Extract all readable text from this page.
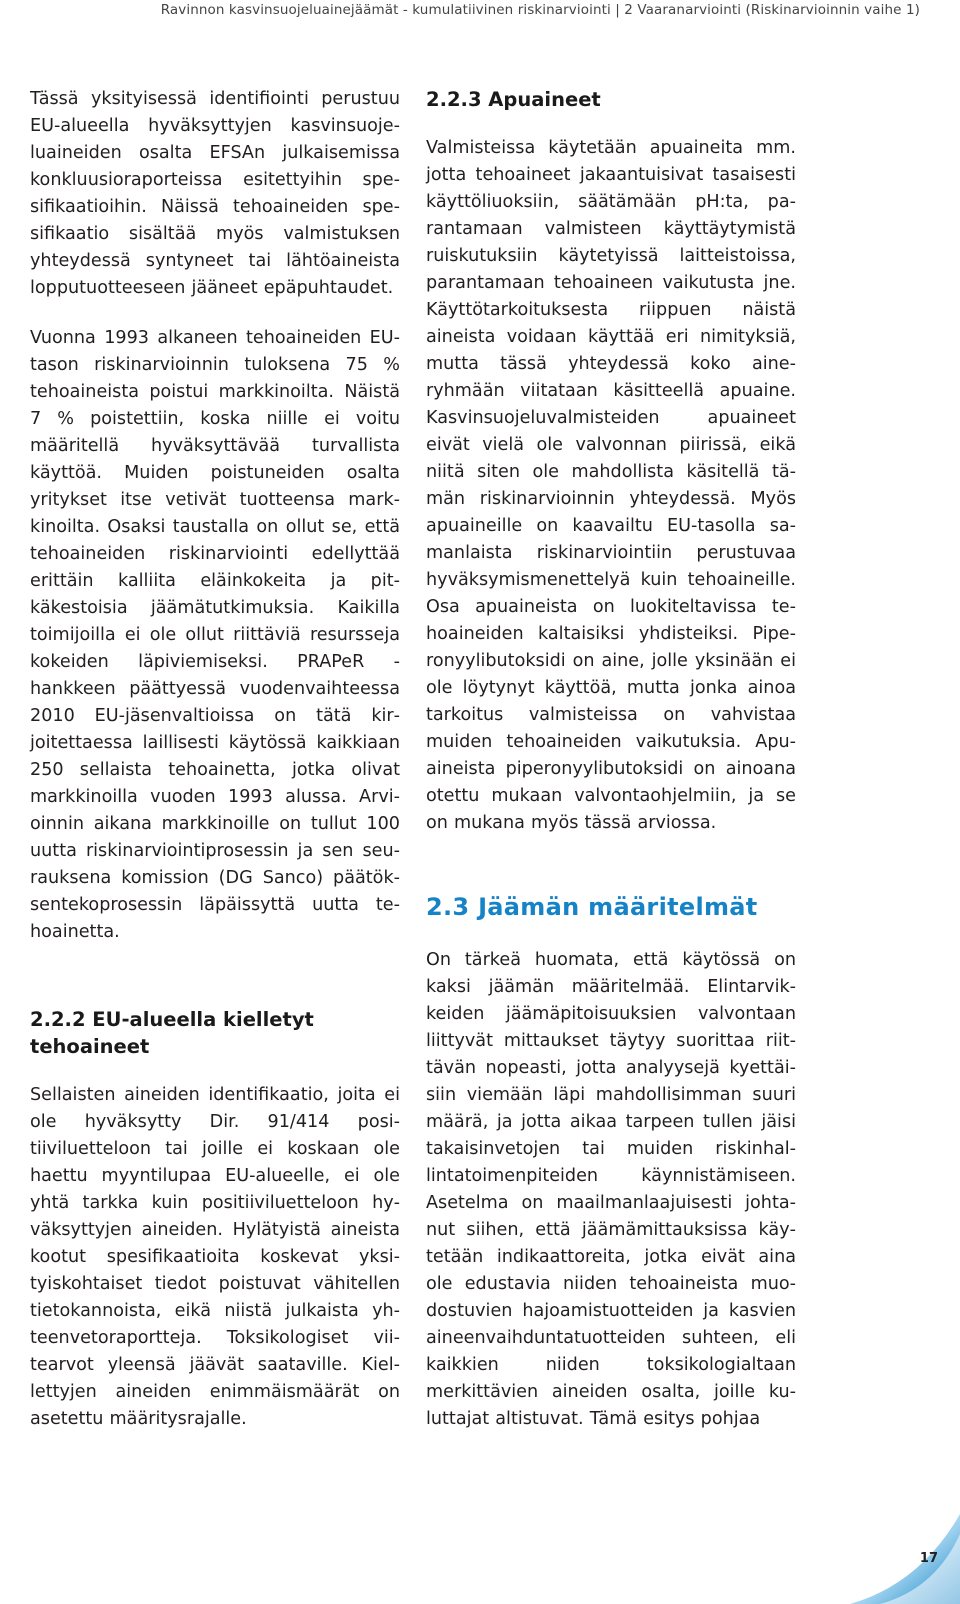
Ravinnon kasvinsuojeluainejäämät - kumulatiivinen riskinarviointi | 2 Vaaranarviointi (Riskinarvioinnin vaihe 1)

Tässä yksityisessä identifiointi perustuu EU-alueella hyväksyttyjen kasvinsuojeluaineiden osalta EFSAn julkaisemissa konkluusioraporteissa esitettyihin spesifikaatioihin. Näissä tehoaineiden spesifikaatio sisältää myös valmistuksen yhteydessä syntyneet tai lähtöaineista lopputuotteeseen jääneet epäpuhtaudet.

Vuonna 1993 alkaneen tehoaineiden EU-tason riskinarvioinnin tuloksena 75 % tehoaineista poistui markkinoilta. Näistä 7 % poistettiin, koska niille ei voitu määritellä hyväksyttävää turvallista käyttöä. Muiden poistuneiden osalta yritykset itse vetivät tuotteensa markkinoilta. Osaksi taustalla on ollut se, että tehoaineiden riskinarviointi edellyttää erittäin kalliita eläinkokeita ja pitkäkestoisia jäämätutkimuksia. Kaikilla toimijoilla ei ole ollut riittäviä resursseja kokeiden läpiviemiseksi. PRAPeR -hankkeen päättyessä vuodenvaihteessa 2010 EU-jäsenvaltioissa on tätä kirjoitettaessa laillisesti käytössä kaikkiaan 250 sellaista tehoainetta, jotka olivat markkinoilla vuoden 1993 alussa. Arvioinnin aikana markkinoille on tullut 100 uutta riskinarviointiprosessin ja sen seurauksena komission (DG Sanco) päätöksentekoprosessin läpäissyttä uutta tehoainetta.

2.2.2 EU-alueella kielletyt tehoaineet

Sellaisten aineiden identifikaatio, joita ei ole hyväksytty Dir. 91/414 positiiviluetteloon tai joille ei koskaan ole haettu myyntilupaa EU-alueelle, ei ole yhtä tarkka kuin positiiviluetteloon hyväksyttyjen aineiden. Hylätyistä aineista kootut spesifikaatioita koskevat yksityiskohtaiset tiedot poistuvat vähitellen tietokannoista, eikä niistä julkaista yhteenvetoraportteja. Toksikologiset viitearvot yleensä jäävät saataville. Kiellettyjen aineiden enimmäismäärät on asetettu määritysrajalle.

2.2.3 Apuaineet

Valmisteissa käytetään apuaineita mm. jotta tehoaineet jakaantuisivat tasaisesti käyttöliuoksiin, säätämään pH:ta, parantamaan valmisteen käyttäytymistä ruiskutuksiin käytetyissä laitteistoissa, parantamaan tehoaineen vaikutusta jne. Käyttötarkoituksesta riippuen näistä aineista voidaan käyttää eri nimityksiä, mutta tässä yhteydessä koko aineryhmään viitataan käsitteellä apuaine. Kasvinsuojeluvalmisteiden apuaineet eivät vielä ole valvonnan piirissä, eikä niitä siten ole mahdollista käsitellä tämän riskinarvioinnin yhteydessä. Myös apuaineille on kaavailtu EU-tasolla samanlaista riskinarviointiin perustuvaa hyväksymismenettelyä kuin tehoaineille. Osa apuaineista on luokiteltavissa tehoaineiden kaltaisiksi yhdisteiksi. Piperonyylibutoksidi on aine, jolle yksinään ei ole löytynyt käyttöä, mutta jonka ainoa tarkoitus valmisteissa on vahvistaa muiden tehoaineiden vaikutuksia. Apuaineista piperonyylibutoksidi on ainoana otettu mukaan valvontaohjelmiin, ja se on mukana myös tässä arviossa.

2.3 Jäämän määritelmät

On tärkeä huomata, että käytössä on kaksi jäämän määritelmää. Elintarvikkeiden jäämäpitoisuuksien valvontaan liittyvät mittaukset täytyy suorittaa riittävän nopeasti, jotta analyysejä kyettäisiin viemään läpi mahdollisimman suuri määrä, ja jotta aikaa tarpeen tullen jäisi takaisinvetojen tai muiden riskinhallintatoimenpiteiden käynnistämiseen. Asetelma on maailmanlaajuisesti johtanut siihen, että jäämämittauksissa käytetään indikaattoreita, jotka eivät aina ole edustavia niiden tehoaineista muodostuvien hajoamistuotteiden ja kasvien aineenvaihduntatuotteiden suhteen, eli kaikkien niiden toksikologialtaan merkittävien aineiden osalta, joille kuluttajat altistuvat. Tämä esitys pohjaa

17
